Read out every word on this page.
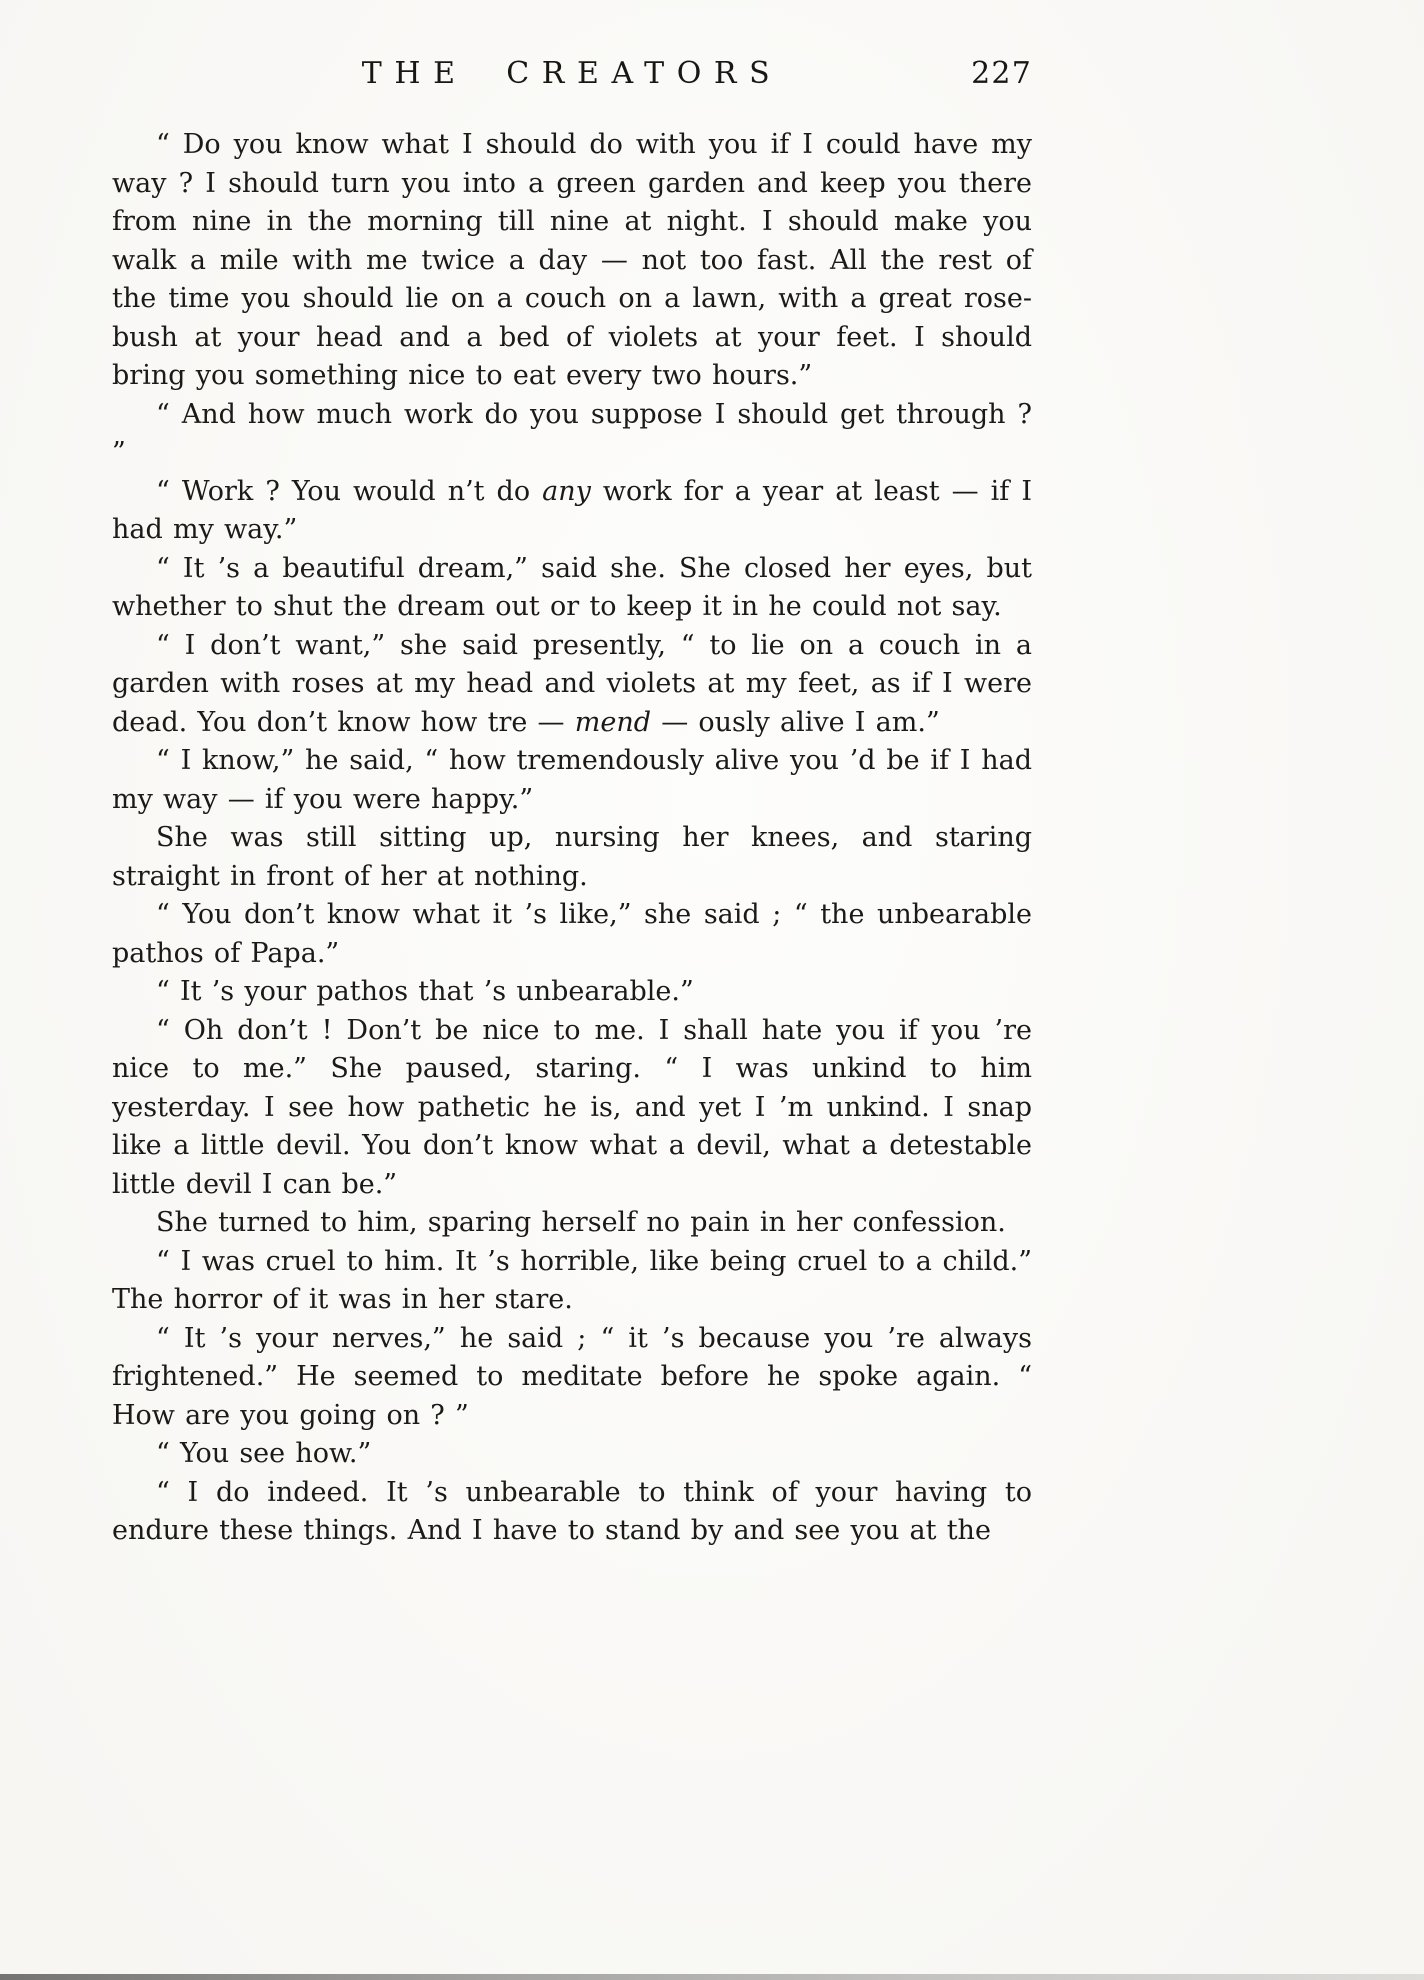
THE CREATORS	227

“ Do you know what I should do with you if I could have my way ? I should turn you into a green garden and keep you there from nine in the morning till nine at night. I should make you walk a mile with me twice a day — not too fast. All the rest of the time you should lie on a couch on a lawn, with a great rose-bush at your head and a bed of violets at your feet. I should bring you something nice to eat every two hours.”

“ And how much work do you suppose I should get through ? ”

“ Work ? You would n’t do any work for a year at least — if I had my way.”

“ It ’s a beautiful dream,” said she. She closed her eyes, but whether to shut the dream out or to keep it in he could not say.

“ I don’t want,” she said presently, “ to lie on a couch in a garden with roses at my head and violets at my feet, as if I were dead. You don’t know how tre — mend — ously alive I am.”

“ I know,” he said, “ how tremendously alive you ’d be if I had my way — if you were happy.”

She was still sitting up, nursing her knees, and staring straight in front of her at nothing.

“ You don’t know what it ’s like,” she said ; “ the unbearable pathos of Papa.”

“ It ’s your pathos that ’s unbearable.”

“ Oh don’t ! Don’t be nice to me. I shall hate you if you ’re nice to me.” She paused, staring. “ I was unkind to him yesterday. I see how pathetic he is, and yet I ’m unkind. I snap like a little devil. You don’t know what a devil, what a detestable little devil I can be.”

She turned to him, sparing herself no pain in her confession.

“ I was cruel to him. It ’s horrible, like being cruel to a child.” The horror of it was in her stare.

“ It ’s your nerves,” he said ; “ it ’s because you ’re always frightened.” He seemed to meditate before he spoke again. “ How are you going on ? ”

“ You see how.”

“ I do indeed. It ’s unbearable to think of your having to endure these things. And I have to stand by and see you at the
